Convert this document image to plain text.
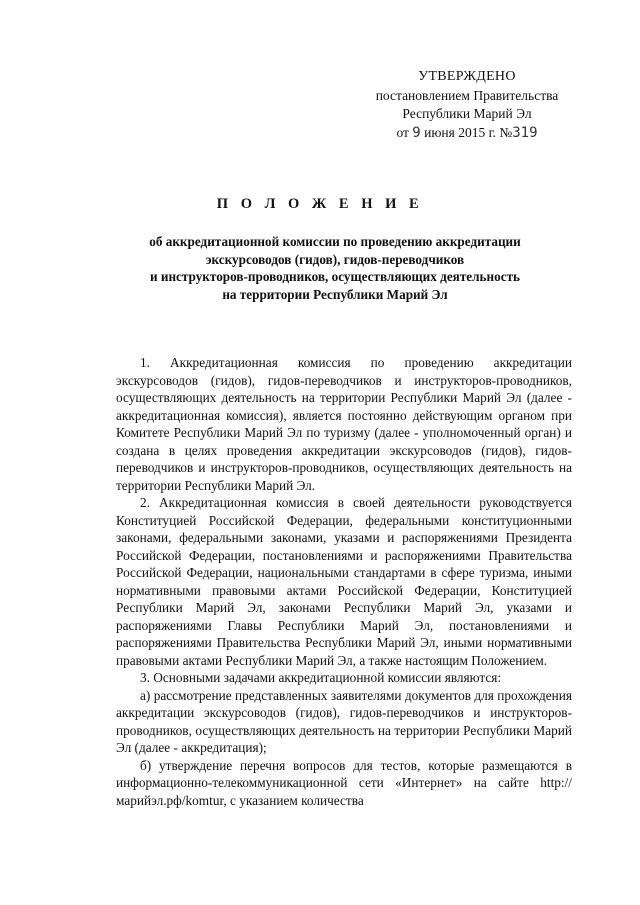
УТВЕРЖДЕНО
постановлением Правительства
Республики Марий Эл
от 9 июня 2015 г. №319
П О Л О Ж Е Н И Е
об аккредитационной комиссии по проведению аккредитации
экскурсоводов (гидов), гидов-переводчиков
и инструкторов-проводников, осуществляющих деятельность
на территории Республики Марий Эл

1. Аккредитационная комиссия по проведению аккредитации экскурсоводов (гидов), гидов-переводчиков и инструкторов-проводников, осуществляющих деятельность на территории Республики Марий Эл (далее - аккредитационная комиссия), является постоянно действующим органом при Комитете Республики Марий Эл по туризму (далее - уполномоченный орган) и создана в целях проведения аккредитации экскурсоводов (гидов), гидов-переводчиков и инструкторов-проводников, осуществляющих деятельность на территории Республики Марий Эл.

2. Аккредитационная комиссия в своей деятельности руководствуется Конституцией Российской Федерации, федеральными конституционными законами, федеральными законами, указами и распоряжениями Президента Российской Федерации, постановлениями и распоряжениями Правительства Российской Федерации, национальными стандартами в сфере туризма, иными нормативными правовыми актами Российской Федерации, Конституцией Республики Марий Эл, законами Республики Марий Эл, указами и распоряжениями Главы Республики Марий Эл, постановлениями и распоряжениями Правительства Республики Марий Эл, иными нормативными правовыми актами Республики Марий Эл, а также настоящим Положением.

3. Основными задачами аккредитационной комиссии являются:

а) рассмотрение представленных заявителями документов для прохождения аккредитации экскурсоводов (гидов), гидов-переводчиков и инструкторов-проводников, осуществляющих деятельность на территории Республики Марий Эл (далее - аккредитация);

б) утверждение перечня вопросов для тестов, которые размещаются в информационно-телекоммуникационной сети «Интернет» на сайте http://марийэл.рф/komtur, с указанием количества
